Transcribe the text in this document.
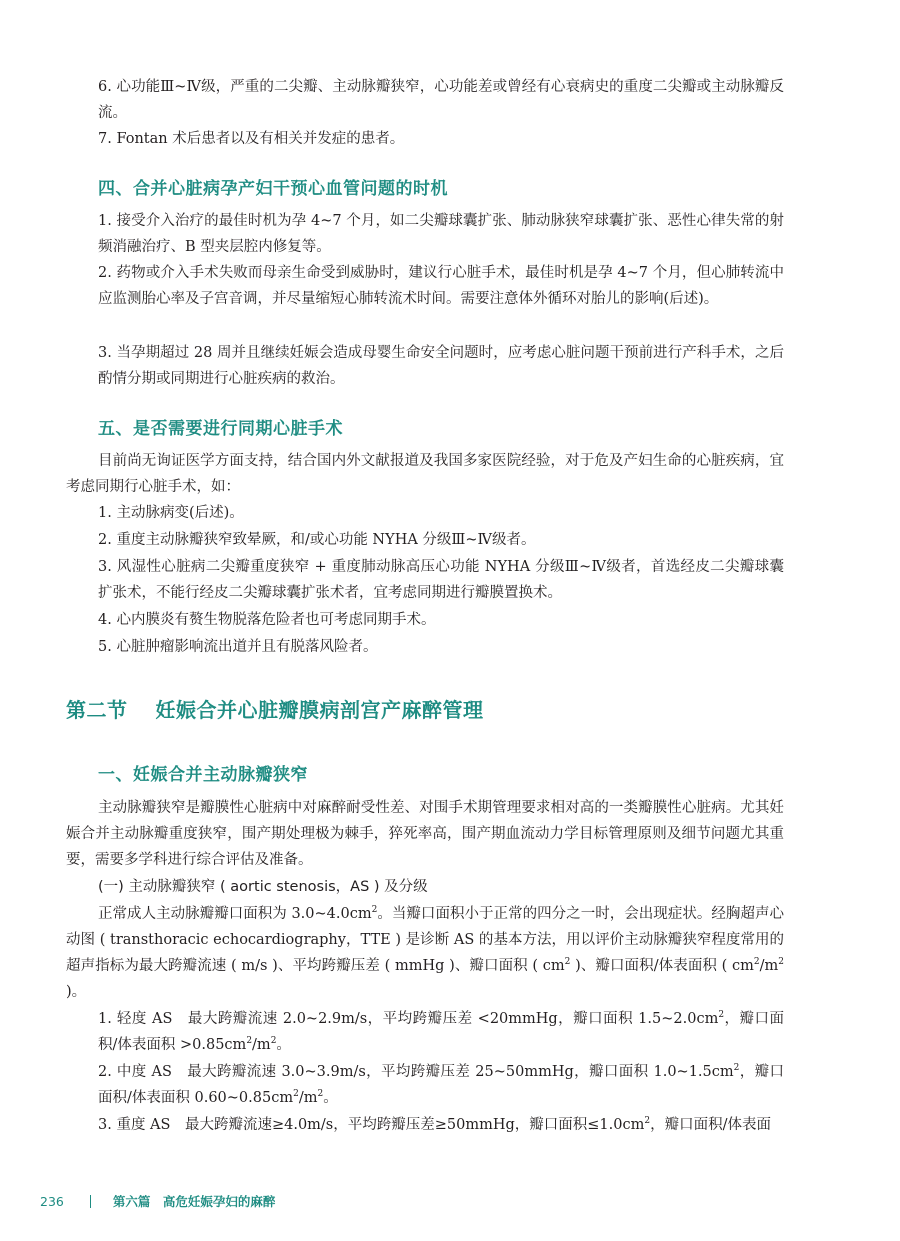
6. 心功能Ⅲ~Ⅳ级，严重的二尖瓣、主动脉瓣狭窄，心功能差或曾经有心衰病史的重度二尖瓣或主动脉瓣反流。

7. Fontan 术后患者以及有相关并发症的患者。

四、合并心脏病孕产妇干预心血管问题的时机

1. 接受介入治疗的最佳时机为孕 4~7 个月，如二尖瓣球囊扩张、肺动脉狭窄球囊扩张、恶性心律失常的射频消融治疗、B 型夹层腔内修复等。

2. 药物或介入手术失败而母亲生命受到威胁时，建议行心脏手术，最佳时机是孕 4~7 个月，但心肺转流中应监测胎心率及子宫音调，并尽量缩短心肺转流术时间。需要注意体外循环对胎儿的影响(后述)。

3. 当孕期超过 28 周并且继续妊娠会造成母婴生命安全问题时，应考虑心脏问题干预前进行产科手术，之后酌情分期或同期进行心脏疾病的救治。

五、是否需要进行同期心脏手术

目前尚无询证医学方面支持，结合国内外文献报道及我国多家医院经验，对于危及产妇生命的心脏疾病，宜考虑同期行心脏手术，如：

1. 主动脉病变(后述)。

2. 重度主动脉瓣狭窄致晕厥，和/或心功能 NYHA 分级Ⅲ~Ⅳ级者。

3. 风湿性心脏病二尖瓣重度狭窄 + 重度肺动脉高压心功能 NYHA 分级Ⅲ~Ⅳ级者，首选经皮二尖瓣球囊扩张术，不能行经皮二尖瓣球囊扩张术者，宜考虑同期进行瓣膜置换术。

4. 心内膜炎有赘生物脱落危险者也可考虑同期手术。

5. 心脏肿瘤影响流出道并且有脱落风险者。

第二节 妊娠合并心脏瓣膜病剖宫产麻醉管理
一、妊娠合并主动脉瓣狭窄

主动脉瓣狭窄是瓣膜性心脏病中对麻醉耐受性差、对围手术期管理要求相对高的一类瓣膜性心脏病。尤其妊娠合并主动脉瓣重度狭窄，围产期处理极为棘手，猝死率高，围产期血流动力学目标管理原则及细节问题尤其重要，需要多学科进行综合评估及准备。

(一) 主动脉瓣狭窄 ( aortic stenosis，AS ) 及分级

正常成人主动脉瓣瓣口面积为 $3.0\sim 4.0cm^2$。当瓣口面积小于正常的四分之一时，会出现症状。经胸超声心动图 ( transthoracic echocardiography，TTE ) 是诊断 AS 的基本方法，用以评价主动脉瓣狭窄程度常用的超声指标为最大跨瓣流速 ( m/s )、平均跨瓣压差 ( mmHg )、瓣口面积 ( $cm^2$ )、瓣口面积/体表面积 ( $cm^2/m^2$ )。

1. 轻度 AS　最大跨瓣流速 2.0~2.9m/s，平均跨瓣压差 <20mmHg，瓣口面积 $1.5\sim 2.0cm^2$，瓣口面积/体表面积 $>0.85cm^2/m^2$。

2. 中度 AS　最大跨瓣流速 3.0~3.9m/s，平均跨瓣压差 25~50mmHg，瓣口面积 $1.0\sim 1.5cm^2$，瓣口面积/体表面积 $0.60\sim 0.85cm^2/m^2$。

3. 重度 AS　最大跨瓣流速≥4.0m/s，平均跨瓣压差≥50mmHg，瓣口面积$\le 1.0cm^2$，瓣口面积/体表面

236	第六篇　高危妊娠孕妇的麻醉
